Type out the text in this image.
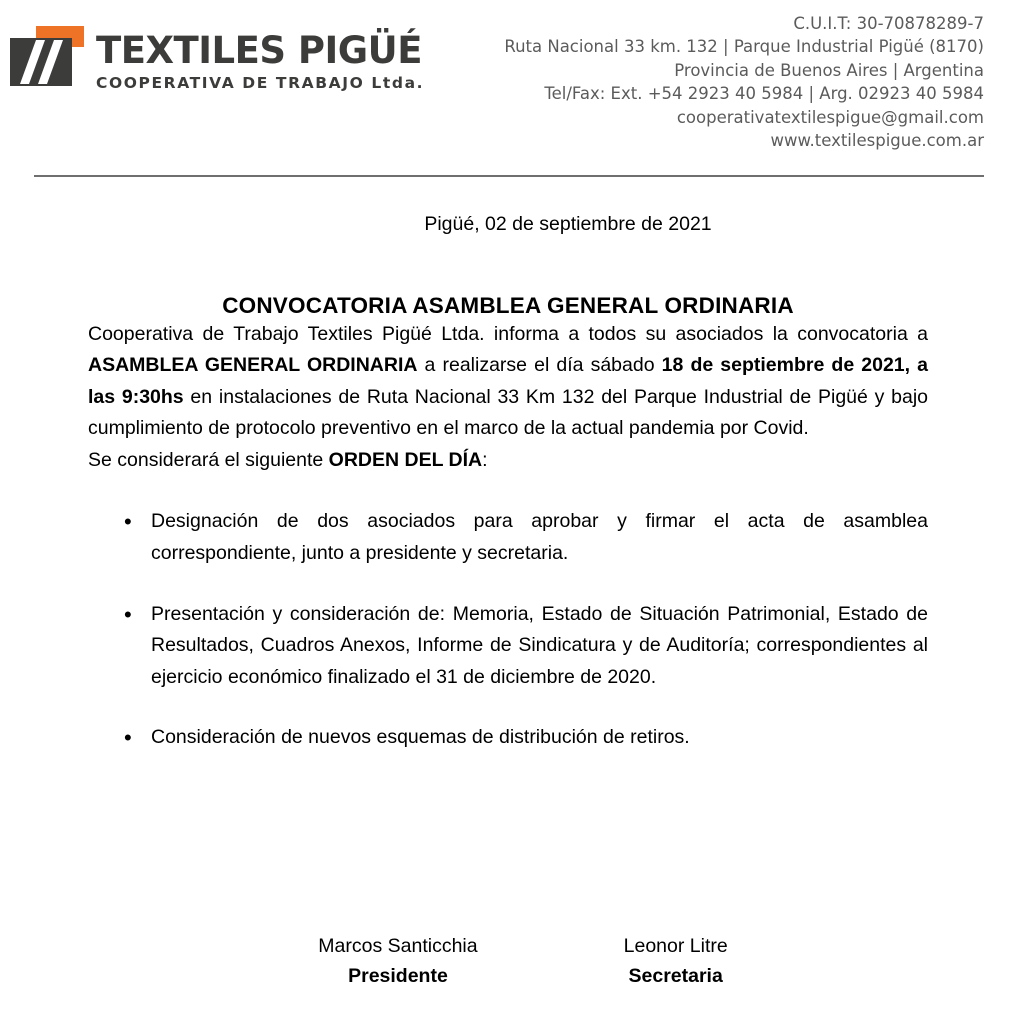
TEXTILES PIGÜÉ
COOPERATIVA DE TRABAJO Ltda.
C.U.I.T: 30-70878289-7
Ruta Nacional 33 km. 132 | Parque Industrial Pigüé (8170)
Provincia de Buenos Aires | Argentina
Tel/Fax: Ext. +54 2923 40 5984 | Arg. 02923 40 5984
cooperativatextilespigue@gmail.com
www.textilespigue.com.ar
Pigüé, 02 de septiembre de 2021
CONVOCATORIA ASAMBLEA GENERAL ORDINARIA

Cooperativa de Trabajo Textiles Pigüé Ltda. informa a todos su asociados la convocatoria a ASAMBLEA GENERAL ORDINARIA a realizarse el día sábado 18 de septiembre de 2021, a las 9:30hs en instalaciones de Ruta Nacional 33 Km 132 del Parque Industrial de Pigüé y bajo cumplimiento de protocolo preventivo en el marco de la actual pandemia por Covid.

Se considerará el siguiente ORDEN DEL DÍA:

• Designación de dos asociados para aprobar y firmar el acta de asamblea correspondiente, junto a presidente y secretaria.
• Presentación y consideración de: Memoria, Estado de Situación Patrimonial, Estado de Resultados, Cuadros Anexos, Informe de Sindicatura y de Auditoría; correspondientes al ejercicio económico finalizado el 31 de diciembre de 2020.
• Consideración de nuevos esquemas de distribución de retiros.
Marcos Santicchia
Presidente
Leonor Litre
Secretaria
